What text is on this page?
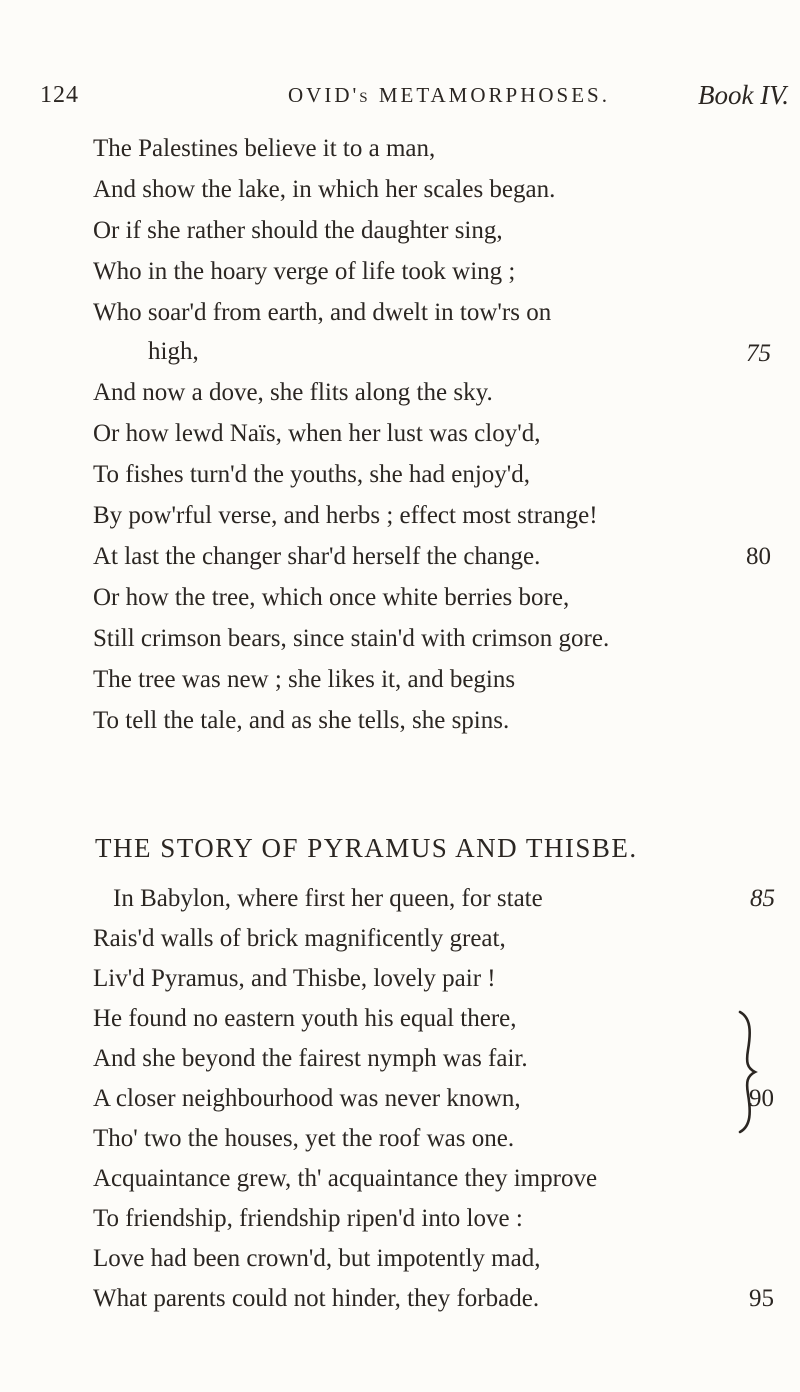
124	OVID's METAMORPHOSES.	Book IV.
The Palestines believe it to a man,
And show the lake, in which her scales began.
Or if she rather should the daughter sing,
Who in the hoary verge of life took wing ;
Who soar'd from earth, and dwelt in tow'rs on
high,	75
And now a dove, she flits along the sky.
Or how lewd Naïs, when her lust was cloy'd,
To fishes turn'd the youths, she had enjoy'd,
By pow'rful verse, and herbs ; effect most strange!
At last the changer shar'd herself the change.	80
Or how the tree, which once white berries bore,
Still crimson bears, since stain'd with crimson gore.
The tree was new ; she likes it, and begins
To tell the tale, and as she tells, she spins.
THE STORY OF PYRAMUS AND THISBE.
In Babylon, where first her queen, for state	85
Rais'd walls of brick magnificently great,
Liv'd Pyramus, and Thisbe, lovely pair !
He found no eastern youth his equal there,
And she beyond the fairest nymph was fair.
A closer neighbourhood was never known,	90
Tho' two the houses, yet the roof was one.
Acquaintance grew, th' acquaintance they improve
To friendship, friendship ripen'd into love :
Love had been crown'd, but impotently mad,
What parents could not hinder, they forbade.	95
